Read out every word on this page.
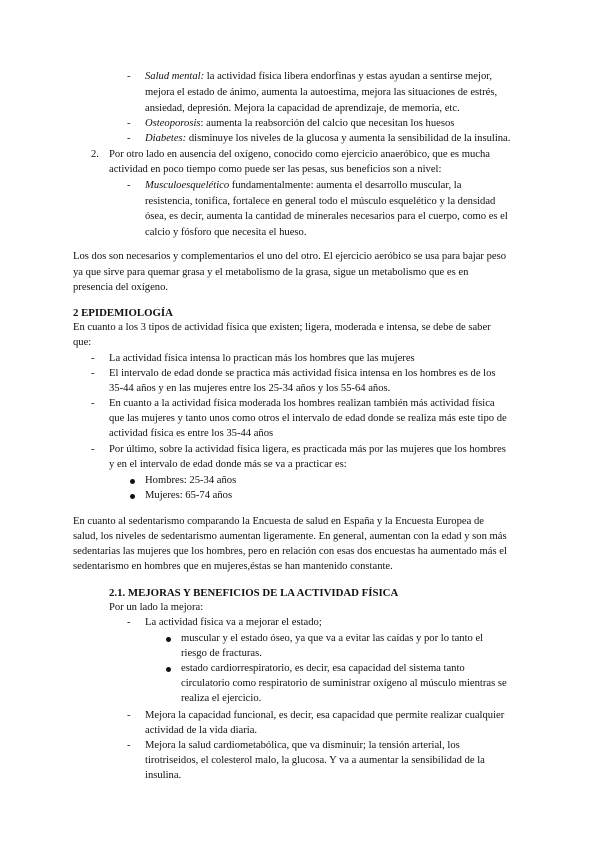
- Salud mental: la actividad física libera endorfinas y estas ayudan a sentirse mejor,
mejora el estado de ánimo, aumenta la autoestima, mejora las situaciones de estrés,
ansiedad, depresión. Mejora la capacidad de aprendizaje, de memoria, etc.
- Osteoporosis: aumenta la reabsorción del calcio que necesitan los huesos
- Diabetes: disminuye los niveles de la glucosa y aumenta la sensibilidad de la insulina.
2. Por otro lado en ausencia del oxígeno, conocido como ejercicio anaeróbico, que es mucha
actividad en poco tiempo como puede ser las pesas, sus beneficios son a nivel:
- Musculoesquelético fundamentalmente: aumenta el desarrollo muscular, la
resistencia, tonifica, fortalece en general todo el músculo esquelético y la densidad
ósea, es decir, aumenta la cantidad de minerales necesarios para el cuerpo, como es el
calcio y fósforo que necesita el hueso.
Los dos son necesarios y complementarios el uno del otro. El ejercicio aeróbico se usa para bajar peso
ya que sirve para quemar grasa y el metabolismo de la grasa, sigue un metabolismo que es en
presencia del oxígeno.
2 EPIDEMIOLOGÍA
En cuanto a los 3 tipos de actividad física que existen; ligera, moderada e intensa, se debe de saber
que:
- La actividad física intensa lo practican más los hombres que las mujeres
- El intervalo de edad donde se practica más actividad física intensa en los hombres es de los
35-44 años y en las mujeres entre los 25-34 años y los 55-64 años.
- En cuanto a la actividad física moderada los hombres realizan también más actividad física
que las mujeres y tanto unos como otros el intervalo de edad donde se realiza más este tipo de
actividad física es entre los 35-44 años
- Por último, sobre la actividad física ligera, es practicada más por las mujeres que los hombres
y en el intervalo de edad donde más se va a practicar es:
Hombres: 25-34 años
Mujeres: 65-74 años
En cuanto al sedentarismo comparando la Encuesta de salud en España y la Encuesta Europea de
salud, los niveles de sedentarismo aumentan ligeramente. En general, aumentan con la edad y son más
sedentarias las mujeres que los hombres, pero en relación con esas dos encuestas ha aumentado más el
sedentarismo en hombres que en mujeres,éstas se han mantenido constante.
2.1. MEJORAS Y BENEFICIOS DE LA ACTIVIDAD FÍSICA
Por un lado la mejora:
- La actividad física va a mejorar el estado;
muscular y el estado óseo, ya que va a evitar las caídas y por lo tanto el
riesgo de fracturas.
estado cardiorrespiratorio, es decir, esa capacidad del sistema tanto
circulatorio como respiratorio de suministrar oxígeno al músculo mientras se
realiza el ejercicio.
- Mejora la capacidad funcional, es decir, esa capacidad que permite realizar cualquier
actividad de la vida diaria.
- Mejora la salud cardiometabólica, que va disminuir; la tensión arterial, los
tirotriseidos, el colesterol malo, la glucosa. Y va a aumentar la sensibilidad de la
insulina.
